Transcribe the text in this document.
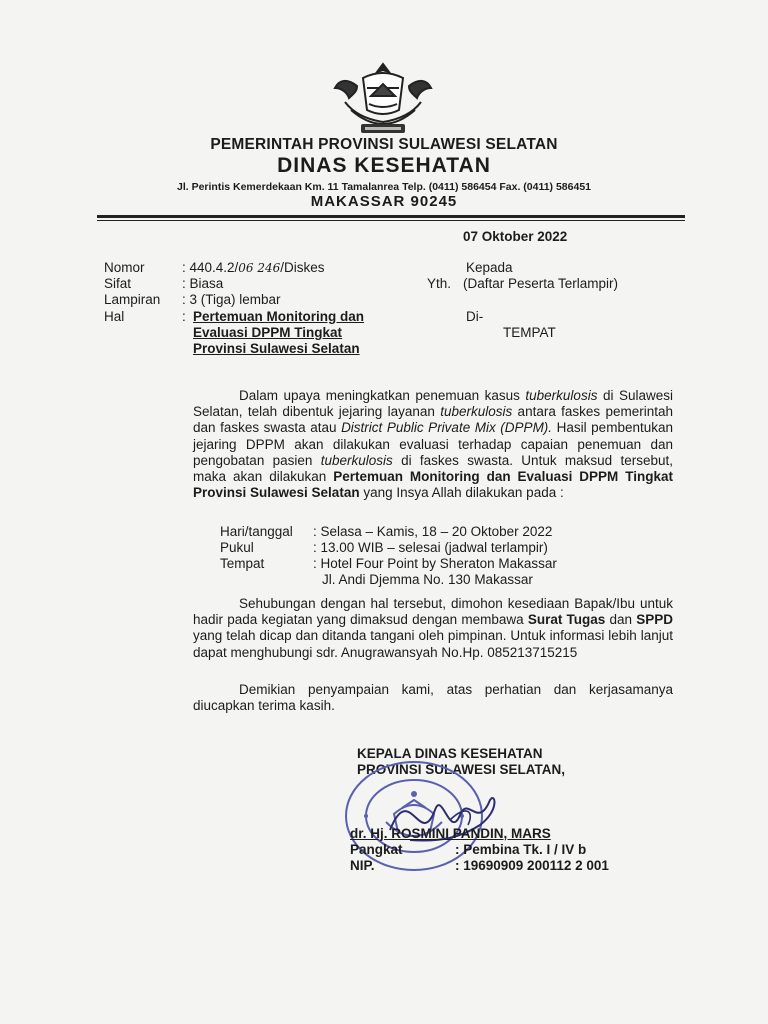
PEMERINTAH PROVINSI SULAWESI SELATAN
DINAS KESEHATAN
Jl. Perintis Kemerdekaan Km. 11 Tamalanrea Telp. (0411) 586454 Fax. (0411) 586451
MAKASSAR 90245
07 Oktober 2022
Nomor	: 440.4.2/06 246/Diskes
Sifat	: Biasa
Lampiran : 3 (Tiga) lembar
Hal	: Pertemuan Monitoring dan
Evaluasi DPPM Tingkat
Provinsi Sulawesi Selatan
Kepada
Yth. (Daftar Peserta Terlampir)
Di-
TEMPAT
Dalam upaya meningkatkan penemuan kasus tuberkulosis di Sulawesi Selatan, telah dibentuk jejaring layanan tuberkulosis antara faskes pemerintah dan faskes swasta atau District Public Private Mix (DPPM). Hasil pembentukan jejaring DPPM akan dilakukan evaluasi terhadap capaian penemuan dan pengobatan pasien tuberkulosis di faskes swasta. Untuk maksud tersebut, maka akan dilakukan Pertemuan Monitoring dan Evaluasi DPPM Tingkat Provinsi Sulawesi Selatan yang Insya Allah dilakukan pada :
Hari/tanggal : Selasa – Kamis, 18 – 20 Oktober 2022
Pukul	: 13.00 WIB – selesai (jadwal terlampir)
Tempat	: Hotel Four Point by Sheraton Makassar
Jl. Andi Djemma No. 130 Makassar
Sehubungan dengan hal tersebut, dimohon kesediaan Bapak/Ibu untuk hadir pada kegiatan yang dimaksud dengan membawa Surat Tugas dan SPPD yang telah dicap dan ditanda tangani oleh pimpinan. Untuk informasi lebih lanjut dapat menghubungi sdr. Anugrawansyah No.Hp. 085213715215
Demikian penyampaian kami, atas perhatian dan kerjasamanya diucapkan terima kasih.
KEPALA DINAS KESEHATAN
PROVINSI SULAWESI SELATAN,
dr. Hj. ROSMINI PANDIN, MARS
Pangkat	: Pembina Tk. I / IV b
NIP.	: 19690909 200112 2 001
